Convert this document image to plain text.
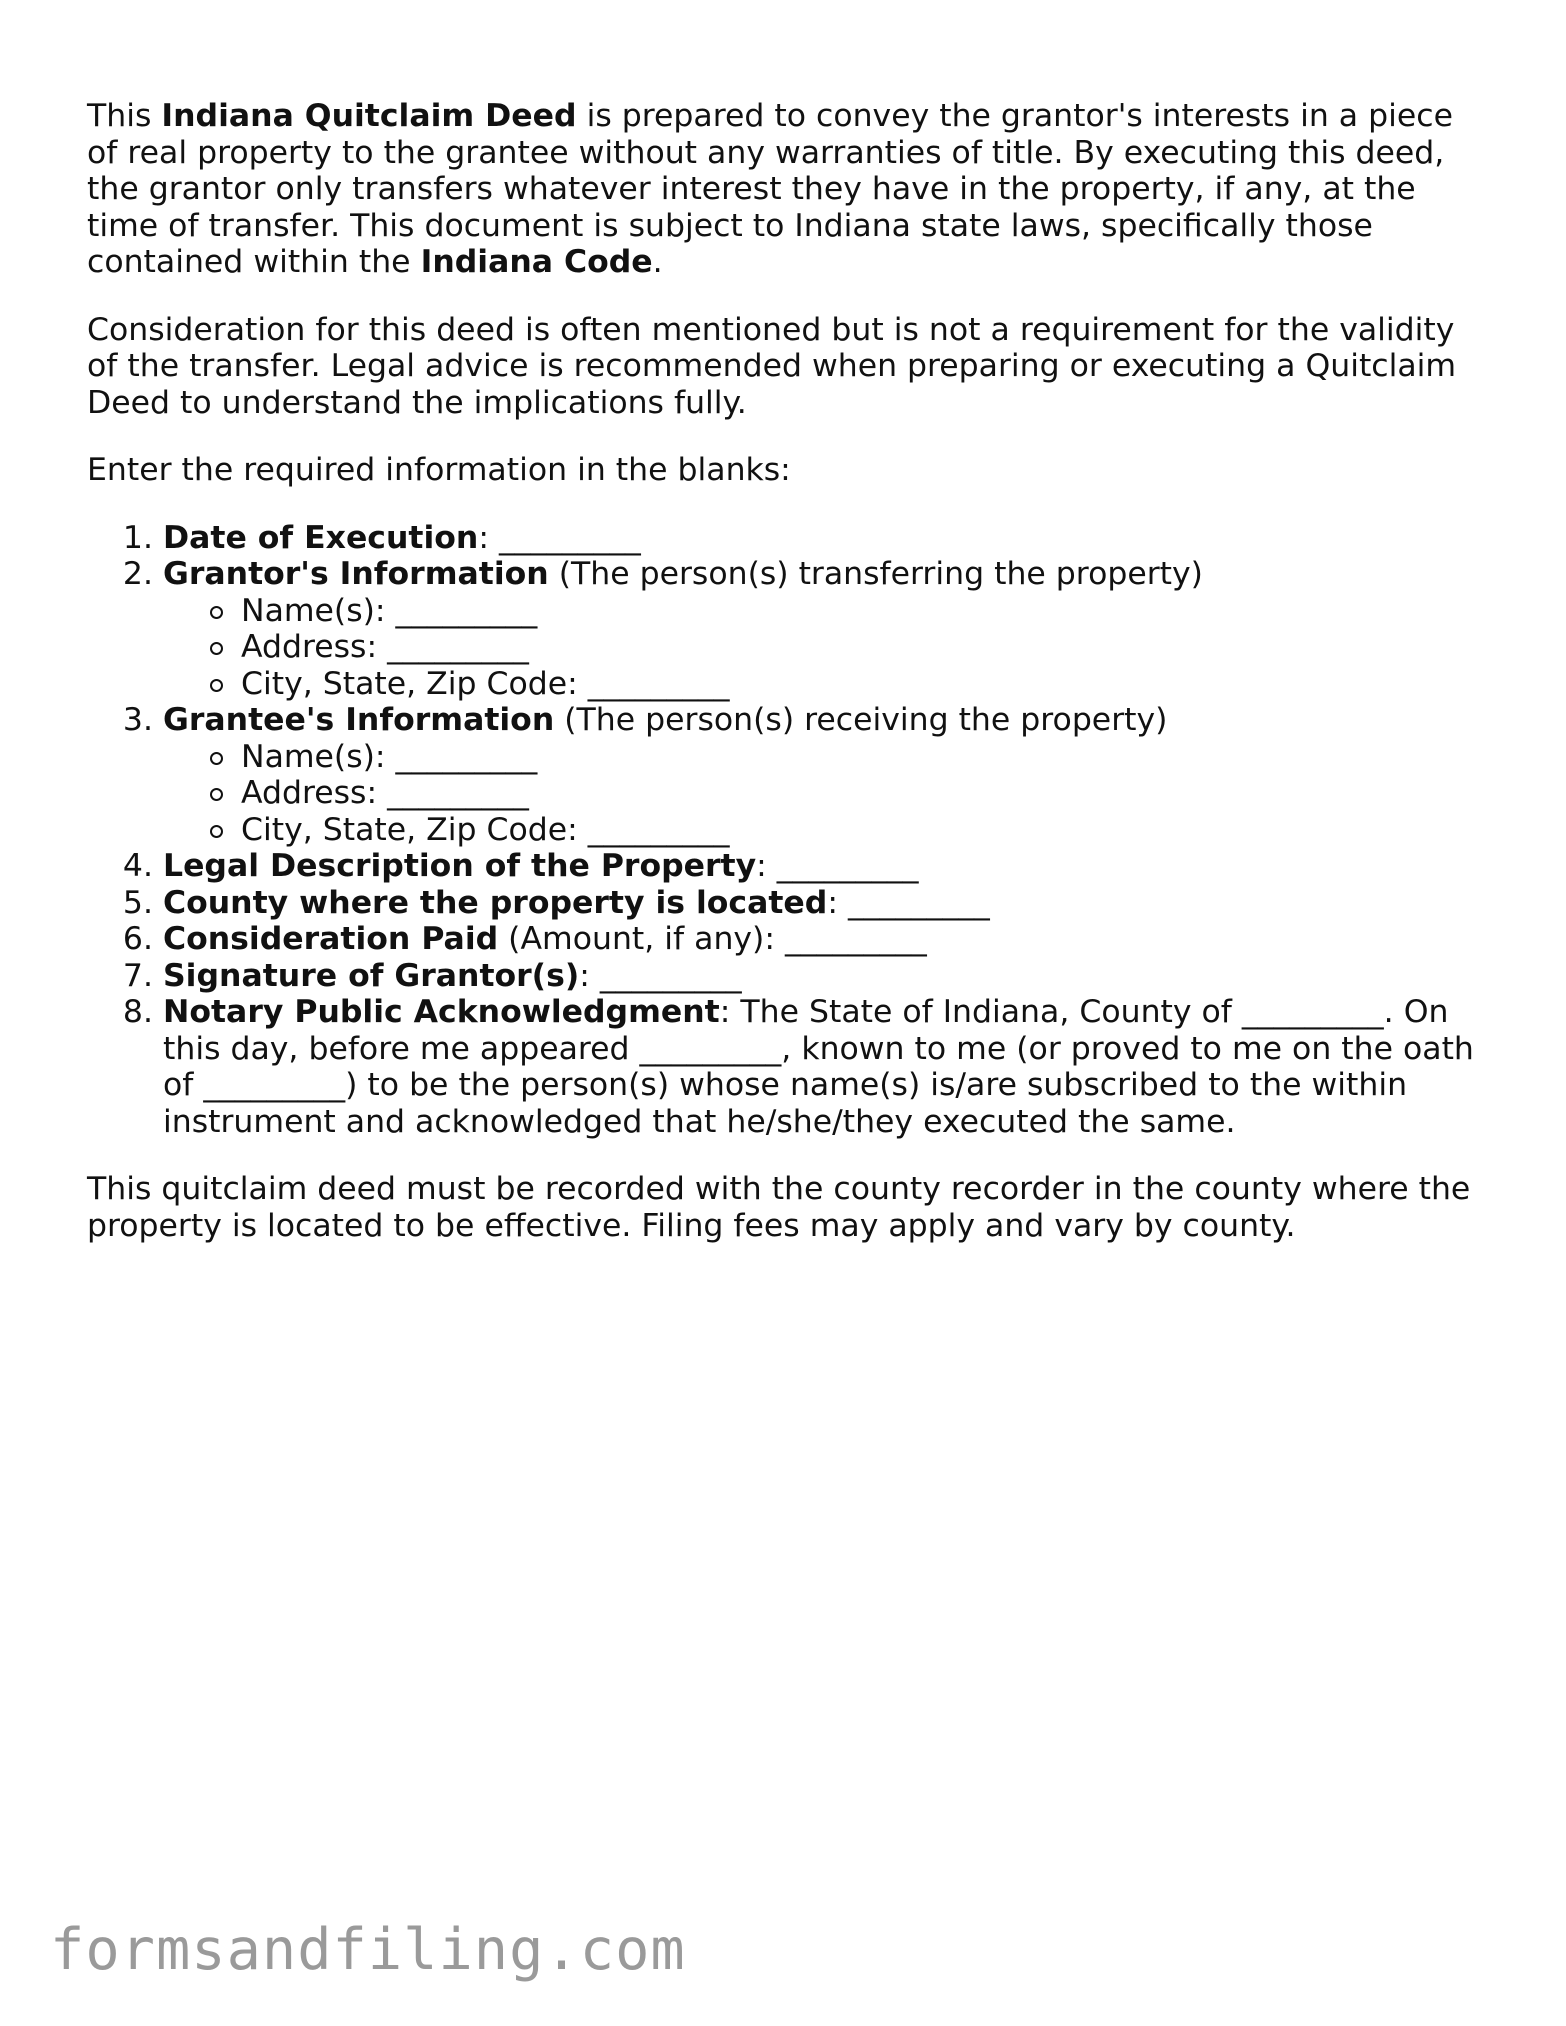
This Indiana Quitclaim Deed is prepared to convey the grantor's interests in a piece of real property to the grantee without any warranties of title. By executing this deed, the grantor only transfers whatever interest they have in the property, if any, at the time of transfer. This document is subject to Indiana state laws, specifically those contained within the Indiana Code.

Consideration for this deed is often mentioned but is not a requirement for the validity of the transfer. Legal advice is recommended when preparing or executing a Quitclaim Deed to understand the implications fully.

Enter the required information in the blanks:

1. Date of Execution: _________
2. Grantor's Information (The person(s) transferring the property)
Name(s): _________
Address: _________
City, State, Zip Code: _________
3. Grantee's Information (The person(s) receiving the property)
Name(s): _________
Address: _________
City, State, Zip Code: _________
4. Legal Description of the Property: _________
5. County where the property is located: _________
6. Consideration Paid (Amount, if any): _________
7. Signature of Grantor(s): _________
8. Notary Public Acknowledgment: The State of Indiana, County of _________. On this day, before me appeared _________, known to me (or proved to me on the oath of _________) to be the person(s) whose name(s) is/are subscribed to the within instrument and acknowledged that he/she/they executed the same.

This quitclaim deed must be recorded with the county recorder in the county where the property is located to be effective. Filing fees may apply and vary by county.

formsandfiling.com
